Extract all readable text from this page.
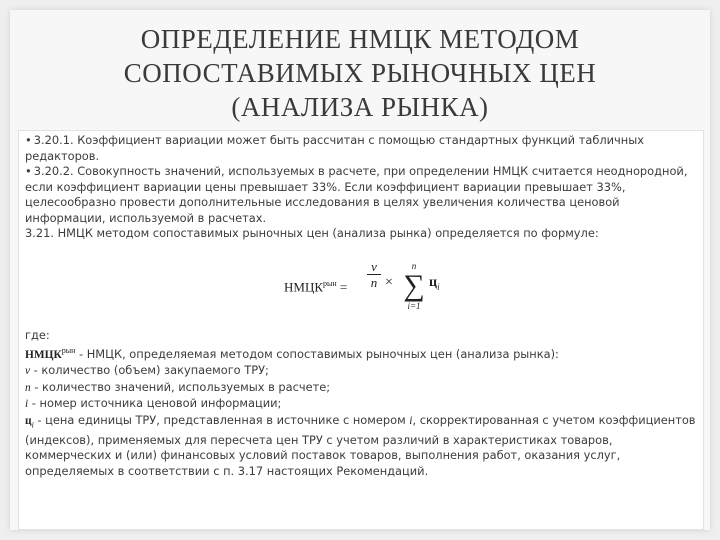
ОПРЕДЕЛЕНИЕ НМЦК МЕТОДОМ
СОПОСТАВИМЫХ РЫНОЧНЫХ ЦЕН
(АНАЛИЗА РЫНКА)

• 3.20.1. Коэффициент вариации может быть рассчитан с помощью стандартных функций табличных редакторов.

• 3.20.2. Совокупность значений, используемых в расчете, при определении НМЦК считается неоднородной, если коэффициент вариации цены превышает 33%. Если коэффициент вариации превышает 33%, целесообразно провести дополнительные исследования в целях увеличения количества ценовой информации, используемой в расчетах.

3.21. НМЦК методом сопоставимых рыночных цен (анализа рынка) определяется по формуле:

$НМЦК^{рын} = \frac{v}{n}$ ×
n
∑
i=1
$ц_i$

где:

$НМЦК^{рын}$ - НМЦК, определяемая методом сопоставимых рыночных цен (анализа рынка):

v - количество (объем) закупаемого ТРУ;

n - количество значений, используемых в расчете;

i - номер источника ценовой информации;

$ц_i$ - цена единицы ТРУ, представленная в источнике с номером i, скорректированная с учетом коэффициентов (индексов), применяемых для пересчета цен ТРУ с учетом различий в характеристиках товаров, коммерческих и (или) финансовых условий поставок товаров, выполнения работ, оказания услуг, определяемых в соответствии с п. 3.17 настоящих Рекомендаций.
